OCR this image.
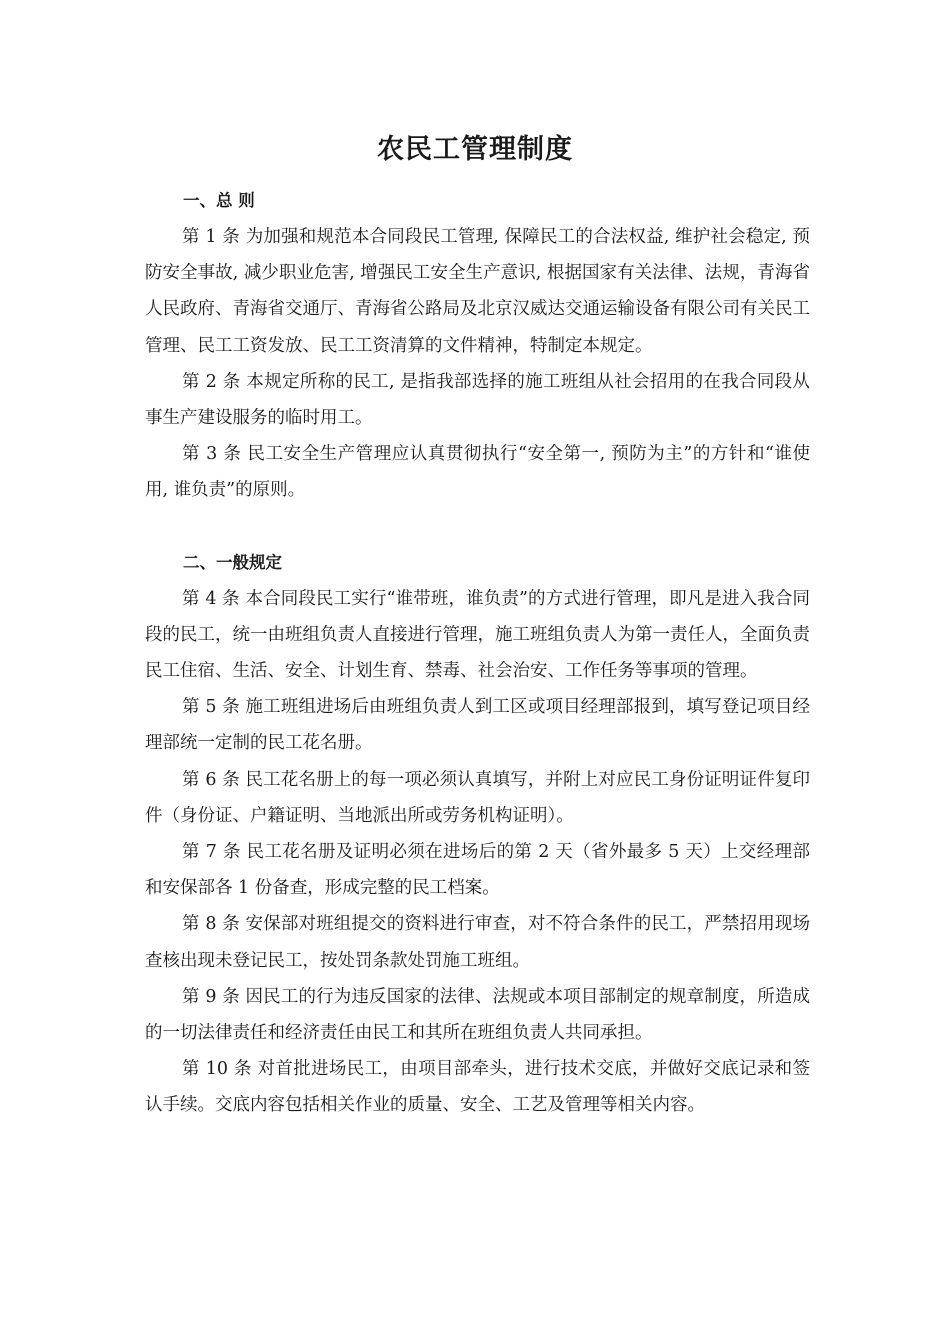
农民工管理制度
一、总 则

第 1 条 为加强和规范本合同段民工管理, 保障民工的合法权益, 维护社会稳定, 预防安全事故, 减少职业危害, 增强民工安全生产意识, 根据国家有关法律、法规，青海省人民政府、青海省交通厅、青海省公路局及北京汉威达交通运输设备有限公司有关民工管理、民工工资发放、民工工资清算的文件精神，特制定本规定。

第 2 条 本规定所称的民工, 是指我部选择的施工班组从社会招用的在我合同段从事生产建设服务的临时用工。

第 3 条 民工安全生产管理应认真贯彻执行“安全第一, 预防为主”的方针和“谁使用, 谁负责”的原则。

二、一般规定

第 4 条 本合同段民工实行“谁带班，谁负责”的方式进行管理，即凡是进入我合同段的民工，统一由班组负责人直接进行管理，施工班组负责人为第一责任人，全面负责民工住宿、生活、安全、计划生育、禁毒、社会治安、工作任务等事项的管理。

第 5 条 施工班组进场后由班组负责人到工区或项目经理部报到，填写登记项目经理部统一定制的民工花名册。

第 6 条 民工花名册上的每一项必须认真填写，并附上对应民工身份证明证件复印件（身份证、户籍证明、当地派出所或劳务机构证明）。

第 7 条 民工花名册及证明必须在进场后的第 2 天（省外最多 5 天）上交经理部和安保部各 1 份备查，形成完整的民工档案。

第 8 条 安保部对班组提交的资料进行审查，对不符合条件的民工，严禁招用现场查核出现未登记民工，按处罚条款处罚施工班组。

第 9 条 因民工的行为违反国家的法律、法规或本项目部制定的规章制度，所造成的一切法律责任和经济责任由民工和其所在班组负责人共同承担。

第 10 条 对首批进场民工，由项目部牵头，进行技术交底，并做好交底记录和签认手续。交底内容包括相关作业的质量、安全、工艺及管理等相关内容。
